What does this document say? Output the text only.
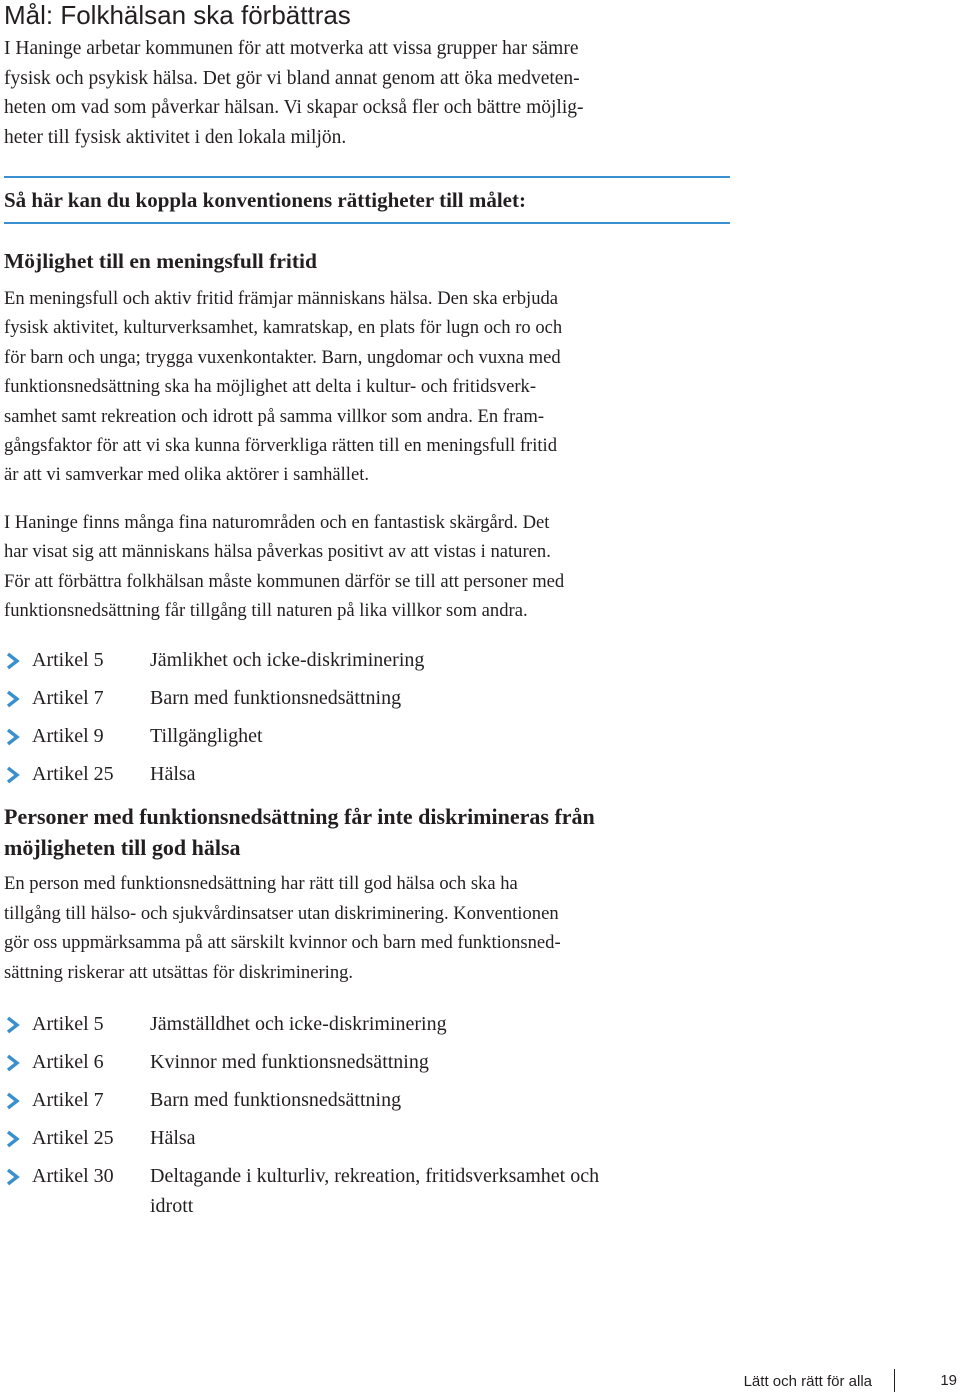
Mål: Folkhälsan ska förbättras

I Haninge arbetar kommunen för att motverka att vissa grupper har sämre
fysisk och psykisk hälsa. Det gör vi bland annat genom att öka medveten-
heten om vad som påverkar hälsan. Vi skapar också fler och bättre möjlig-
heter till fysisk aktivitet i den lokala miljön.

Så här kan du koppla konventionens rättigheter till målet:
Möjlighet till en meningsfull fritid

En meningsfull och aktiv fritid främjar människans hälsa. Den ska erbjuda
fysisk aktivitet, kulturverksamhet, kamratskap, en plats för lugn och ro och
för barn och unga; trygga vuxenkontakter. Barn, ungdomar och vuxna med
funktionsnedsättning ska ha möjlighet att delta i kultur- och fritidsverk-
samhet samt rekreation och idrott på samma villkor som andra. En fram-
gångsfaktor för att vi ska kunna förverkliga rätten till en meningsfull fritid
är att vi samverkar med olika aktörer i samhället.

I Haninge finns många fina naturområden och en fantastisk skärgård. Det
har visat sig att människans hälsa påverkas positivt av att vistas i naturen.
För att förbättra folkhälsan måste kommunen därför se till att personer med
funktionsnedsättning får tillgång till naturen på lika villkor som andra.

Artikel 5	Jämlikhet och icke-diskriminering
Artikel 7	Barn med funktionsnedsättning
Artikel 9	Tillgänglighet
Artikel 25	Hälsa
Personer med funktionsnedsättning får inte diskrimineras från
möjligheten till god hälsa

En person med funktionsnedsättning har rätt till god hälsa och ska ha
tillgång till hälso- och sjukvårdinsatser utan diskriminering. Konventionen
gör oss uppmärksamma på att särskilt kvinnor och barn med funktionsned-
sättning riskerar att utsättas för diskriminering.

Artikel 5	Jämställdhet och icke-diskriminering
Artikel 6	Kvinnor med funktionsnedsättning
Artikel 7	Barn med funktionsnedsättning
Artikel 25	Hälsa
Artikel 30	Deltagande i kulturliv, rekreation, fritidsverksamhet och
idrott
Lätt och rätt för alla	19
